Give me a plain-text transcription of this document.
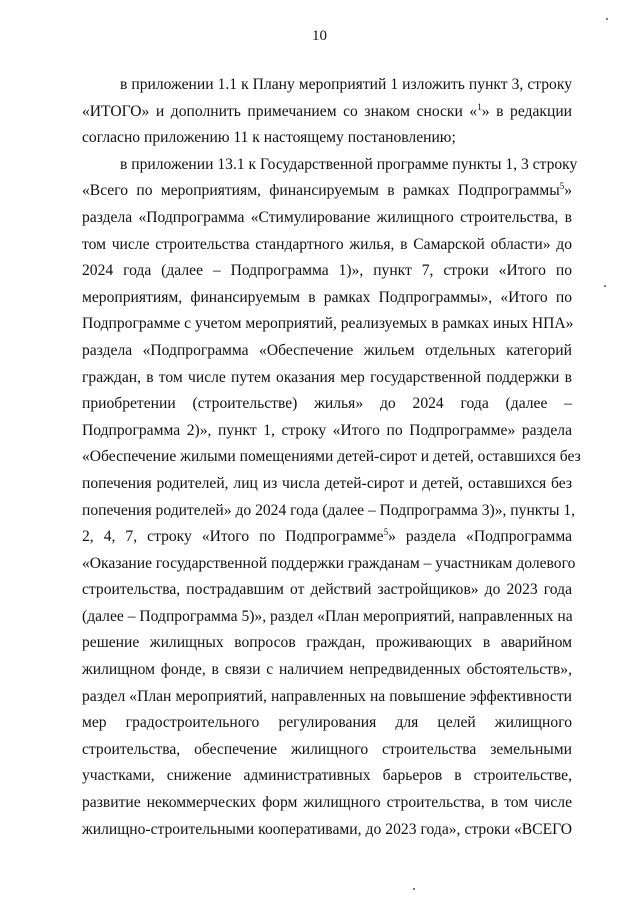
10
в приложении 1.1 к Плану мероприятий 1 изложить пункт 3, строку
«ИТОГО» и дополнить примечанием со знаком сноски «$^1$» в редакции
согласно приложению 11 к настоящему постановлению;
в приложении 13.1 к Государственной программе пункты 1, 3 строку
«Всего по мероприятиям, финансируемым в рамках Подпрограммы$^5$»
раздела «Подпрограмма «Стимулирование жилищного строительства, в
том числе строительства стандартного жилья, в Самарской области» до
2024 года (далее – Подпрограмма 1)», пункт 7, строки «Итого по
мероприятиям, финансируемым в рамках Подпрограммы», «Итого по
Подпрограмме с учетом мероприятий, реализуемых в рамках иных НПА»
раздела «Подпрограмма «Обеспечение жильем отдельных категорий
граждан, в том числе путем оказания мер государственной поддержки в
приобретении (строительстве) жилья» до 2024 года (далее –
Подпрограмма 2)», пункт 1, строку «Итого по Подпрограмме» раздела
«Обеспечение жилыми помещениями детей-сирот и детей, оставшихся без
попечения родителей, лиц из числа детей-сирот и детей, оставшихся без
попечения родителей» до 2024 года (далее – Подпрограмма 3)», пункты 1,
2, 4, 7, строку «Итого по Подпрограмме$^5$» раздела «Подпрограмма
«Оказание государственной поддержки гражданам – участникам долевого
строительства, пострадавшим от действий застройщиков» до 2023 года
(далее – Подпрограмма 5)», раздел «План мероприятий, направленных на
решение жилищных вопросов граждан, проживающих в аварийном
жилищном фонде, в связи с наличием непредвиденных обстоятельств»,
раздел «План мероприятий, направленных на повышение эффективности
мер градостроительного регулирования для целей жилищного
строительства, обеспечение жилищного строительства земельными
участками, снижение административных барьеров в строительстве,
развитие некоммерческих форм жилищного строительства, в том числе
жилищно-строительными кооперативами, до 2023 года», строки «ВСЕГО
